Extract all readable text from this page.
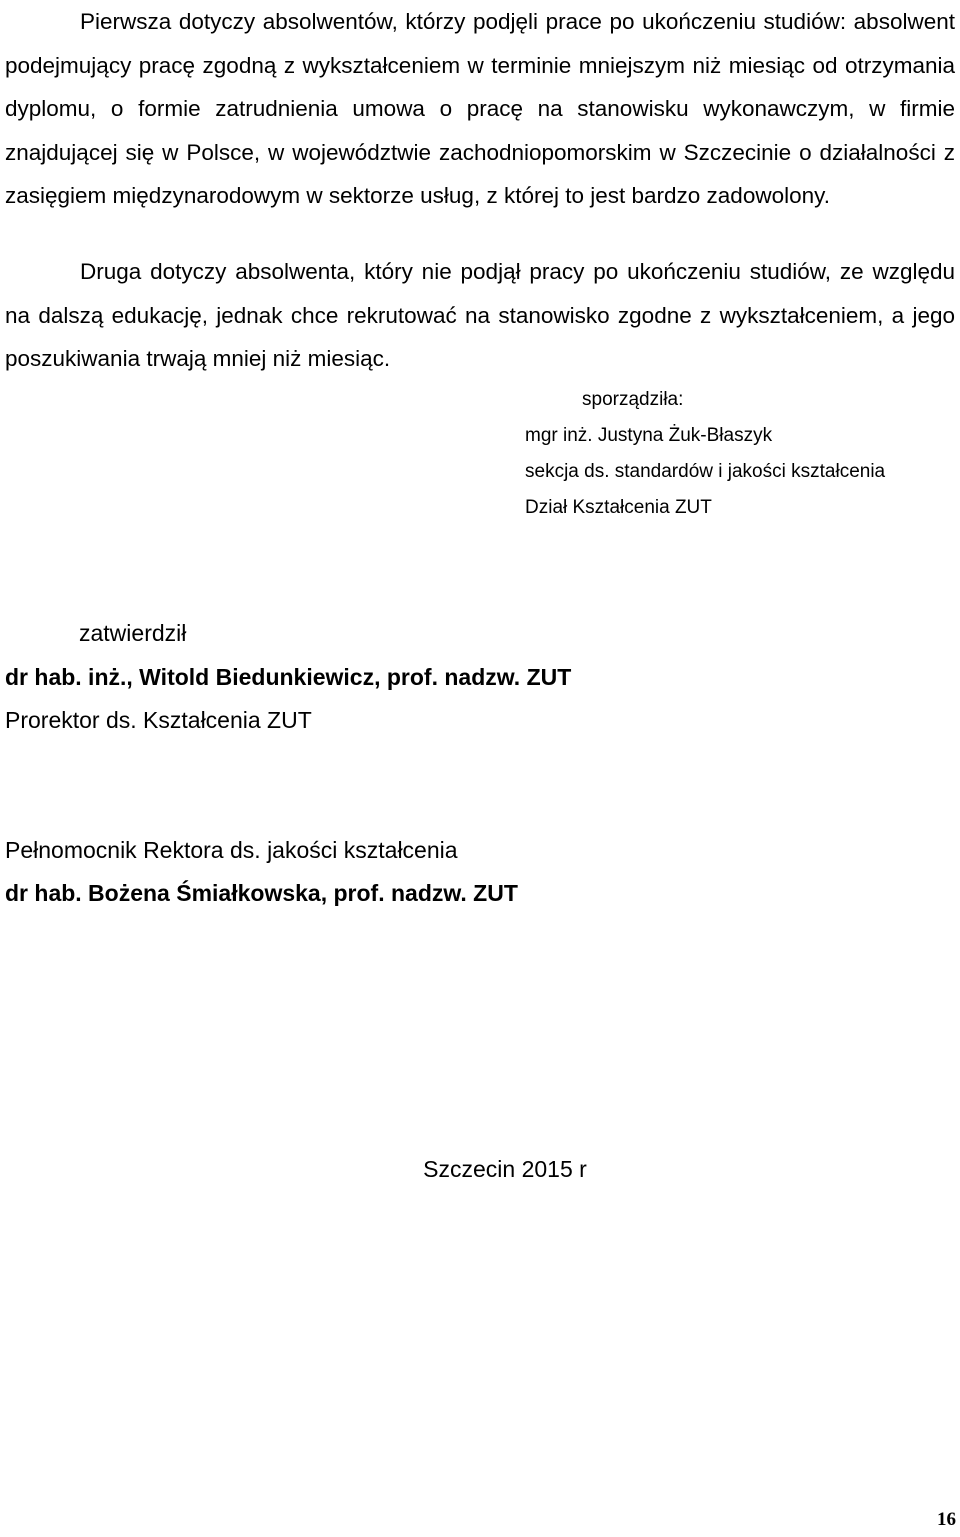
Pierwsza dotyczy absolwentów, którzy podjęli prace po ukończeniu studiów: absolwent podejmujący pracę zgodną z wykształceniem w terminie mniejszym niż miesiąc od otrzymania dyplomu, o formie zatrudnienia umowa o pracę na stanowisku wykonawczym, w firmie znajdującej się w Polsce, w województwie zachodniopomorskim w Szczecinie o działalności z zasięgiem międzynarodowym w sektorze usług, z której to jest bardzo zadowolony.

Druga dotyczy absolwenta, który nie podjął pracy po ukończeniu studiów, ze względu na dalszą edukację, jednak chce rekrutować na stanowisko zgodne z wykształceniem, a jego poszukiwania trwają mniej niż miesiąc.

sporządziła:
mgr inż. Justyna Żuk-Błaszyk
sekcja ds. standardów i jakości kształcenia
Dział Kształcenia ZUT
zatwierdził
dr hab. inż., Witold Biedunkiewicz, prof. nadzw. ZUT
Prorektor ds. Kształcenia ZUT
Pełnomocnik Rektora ds. jakości kształcenia
dr hab. Bożena Śmiałkowska, prof. nadzw. ZUT
Szczecin 2015 r
16
